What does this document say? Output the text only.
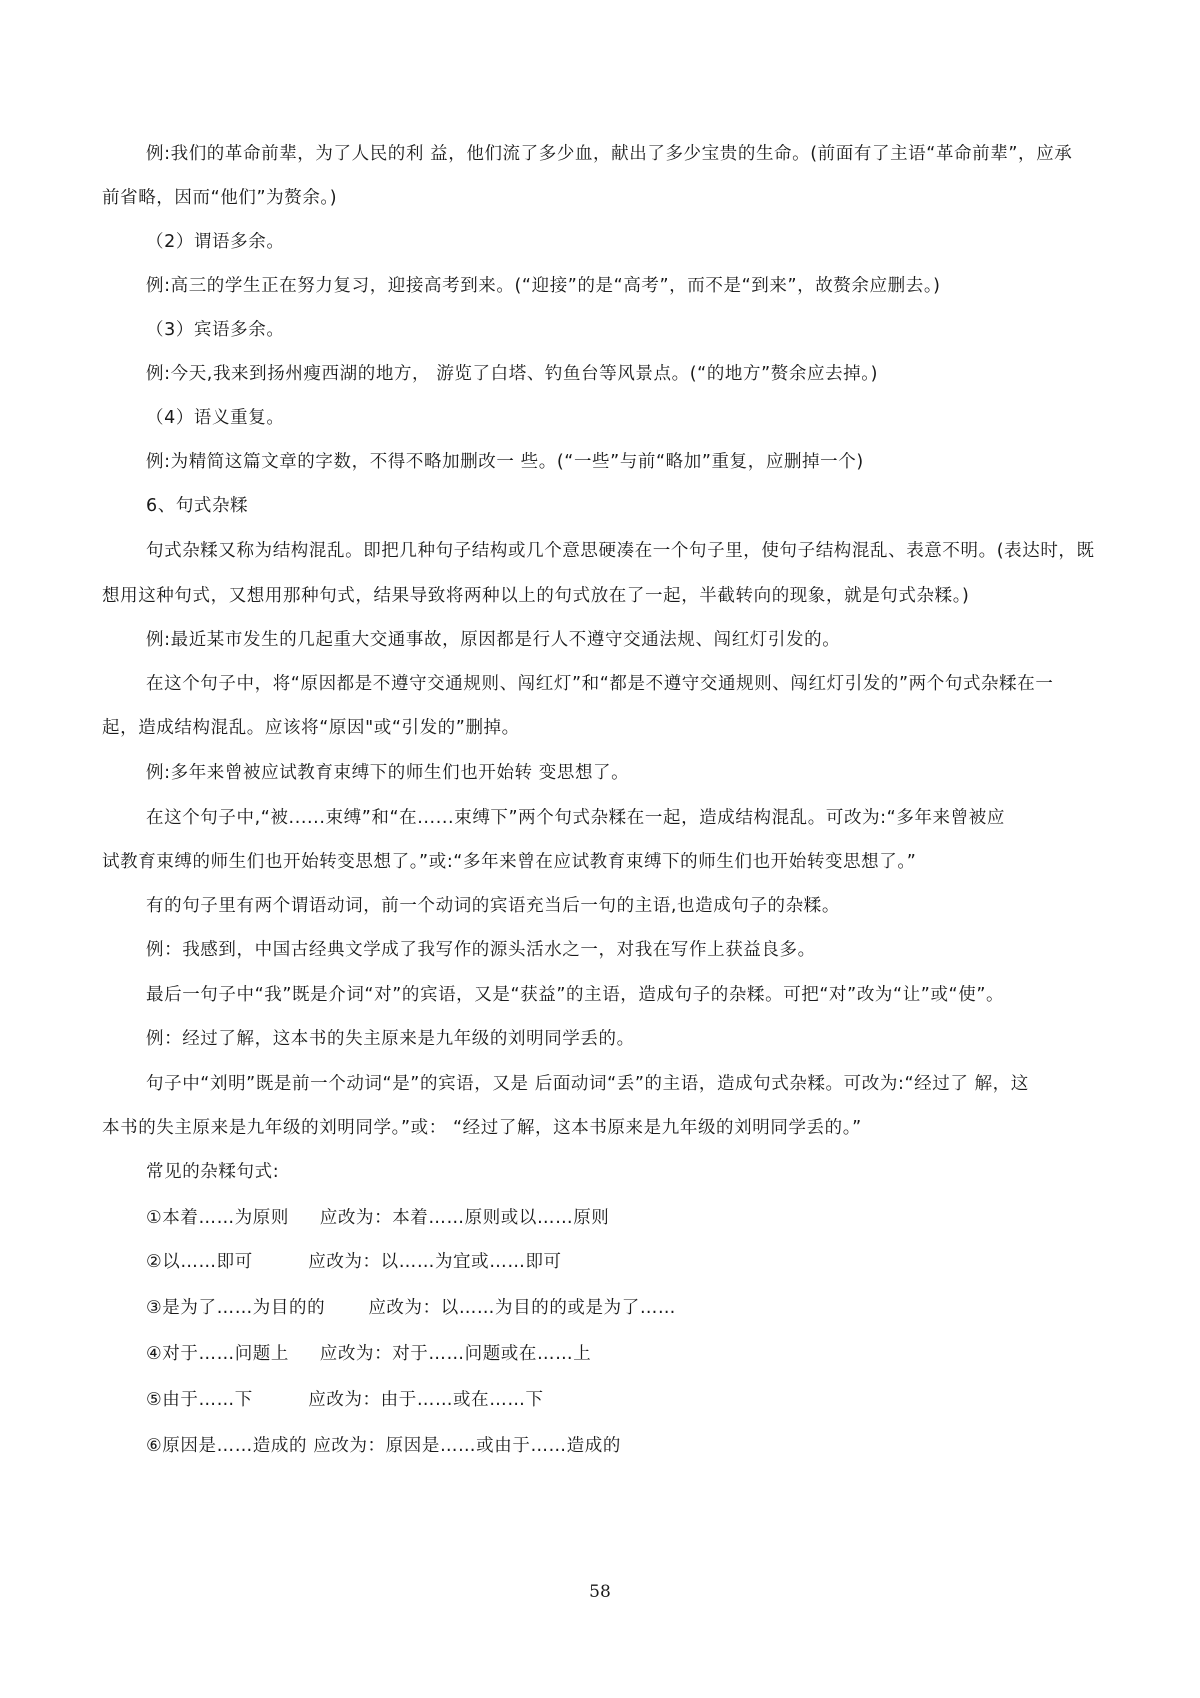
例:我们的革命前辈，为了人民的利 益，他们流了多少血，献出了多少宝贵的生命。(前面有了主语“革命前辈”，应承
前省略，因而“他们”为赘余。)
（2）谓语多余。
例:高三的学生正在努力复习，迎接高考到来。(“迎接”的是“高考”，而不是“到来”，故赘余应删去。)
（3）宾语多余。
例:今天,我来到扬州瘦西湖的地方， 游览了白塔、钓鱼台等风景点。(“的地方”赘余应去掉。)
（4）语义重复。
例:为精简这篇文章的字数，不得不略加删改一 些。(“一些”与前“略加”重复，应删掉一个)
6、句式杂糅
句式杂糅又称为结构混乱。即把几种句子结构或几个意思硬凑在一个句子里，使句子结构混乱、表意不明。(表达时，既
想用这种句式，又想用那种句式，结果导致将两种以上的句式放在了一起，半截转向的现象，就是句式杂糅。)
例:最近某市发生的几起重大交通事故，原因都是行人不遵守交通法规、闯红灯引发的。
在这个句子中，将“原因都是不遵守交通规则、闯红灯”和“都是不遵守交通规则、闯红灯引发的”两个句式杂糅在一
起，造成结构混乱。应该将“原因"或“引发的”删掉。
例:多年来曾被应试教育束缚下的师生们也开始转 变思想了。
在这个句子中,“被......束缚”和“在......束缚下”两个句式杂糅在一起，造成结构混乱。可改为:“多年来曾被应
试教育束缚的师生们也开始转变思想了。”或:“多年来曾在应试教育束缚下的师生们也开始转变思想了。”
有的句子里有两个谓语动词，前一个动词的宾语充当后一句的主语,也造成句子的杂糅。
例：我感到，中国古经典文学成了我写作的源头活水之一，对我在写作上获益良多。
最后一句子中“我”既是介词“对”的宾语，又是“获益”的主语，造成句子的杂糅。可把“对”改为“让”或“使”。
例：经过了解，这本书的失主原来是九年级的刘明同学丢的。
句子中“刘明”既是前一个动词“是”的宾语，又是 后面动词“丢”的主语，造成句式杂糅。可改为:“经过了 解，这
本书的失主原来是九年级的刘明同学。”或： “经过了解，这本书原来是九年级的刘明同学丢的。”
常见的杂糅句式:
①本着……为原则     应改为：本着……原则或以……原则
②以……即可         应改为：以……为宜或……即可
③是为了……为目的的       应改为：以……为目的的或是为了……
④对于……问题上     应改为：对于……问题或在……上
⑤由于……下         应改为：由于……或在……下
⑥原因是……造成的 应改为：原因是……或由于……造成的
58
